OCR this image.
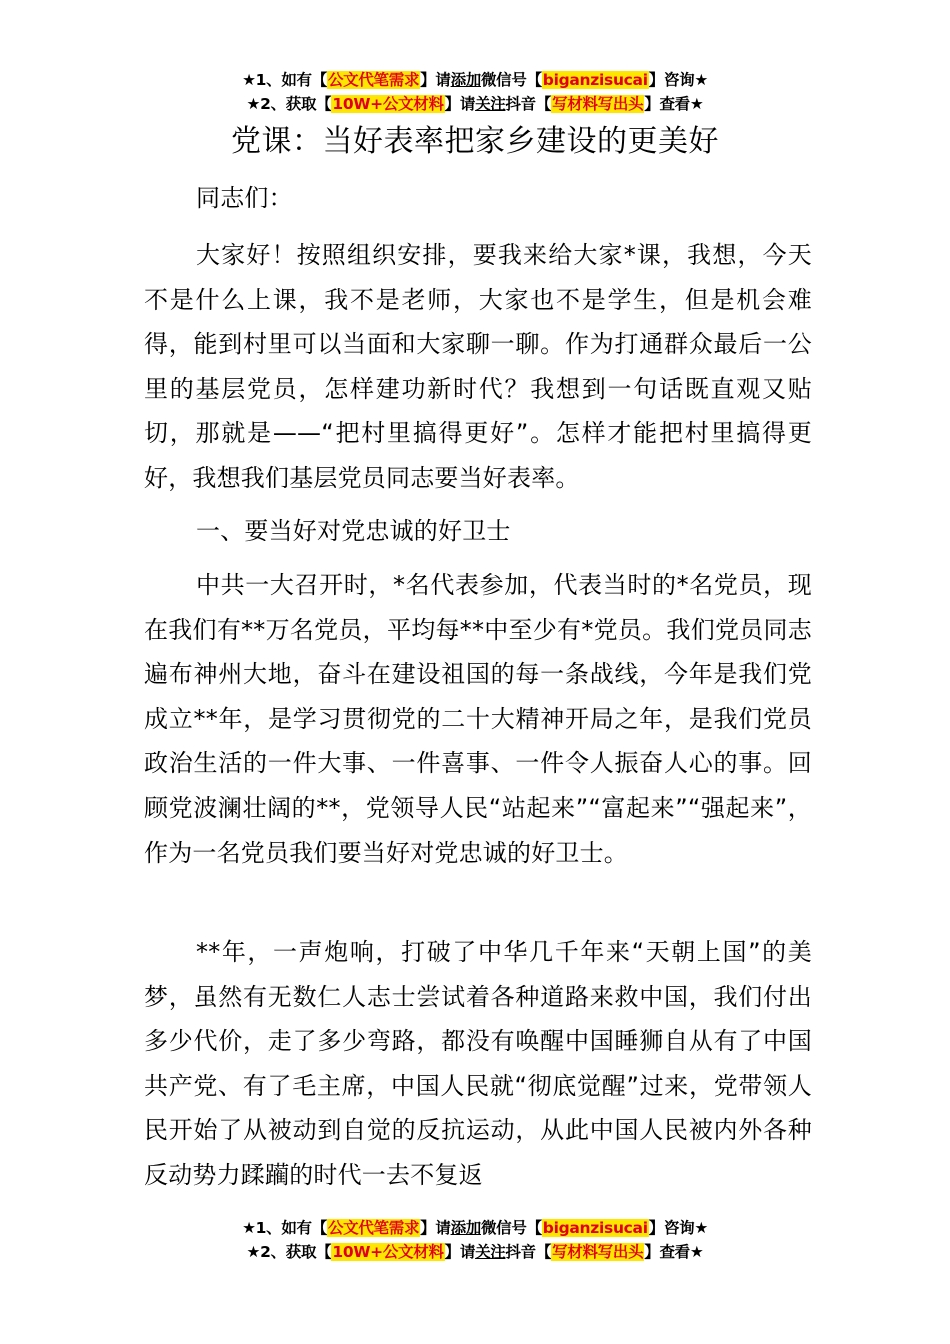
★1、如有【公文代笔需求】请添加微信号【biganzisucai】咨询★
★2、获取【10W+公文材料】请关注抖音【写材料写出头】查看★
党课：当好表率把家乡建设的更美好

同志们：

大家好！按照组织安排，要我来给大家*课，我想，今天不是什么上课，我不是老师，大家也不是学生，但是机会难得，能到村里可以当面和大家聊一聊。作为打通群众最后一公里的基层党员，怎样建功新时代？我想到一句话既直观又贴切，那就是——“把村里搞得更好”。怎样才能把村里搞得更好，我想我们基层党员同志要当好表率。

一、要当好对党忠诚的好卫士

中共一大召开时，*名代表参加，代表当时的*名党员，现在我们有**万名党员，平均每**中至少有*党员。我们党员同志遍布神州大地，奋斗在建设祖国的每一条战线，今年是我们党成立**年，是学习贯彻党的二十大精神开局之年，是我们党员政治生活的一件大事、一件喜事、一件令人振奋人心的事。回顾党波澜壮阔的**，党领导人民“站起来”“富起来”“强起来”，作为一名党员我们要当好对党忠诚的好卫士。

**年，一声炮响，打破了中华几千年来“天朝上国”的美梦，虽然有无数仁人志士尝试着各种道路来救中国，我们付出多少代价，走了多少弯路，都没有唤醒中国睡狮自从有了中国共产党、有了毛主席，中国人民就“彻底觉醒”过来，党带领人民开始了从被动到自觉的反抗运动，从此中国人民被内外各种反动势力蹂躏的时代一去不复返

★1、如有【公文代笔需求】请添加微信号【biganzisucai】咨询★
★2、获取【10W+公文材料】请关注抖音【写材料写出头】查看★
